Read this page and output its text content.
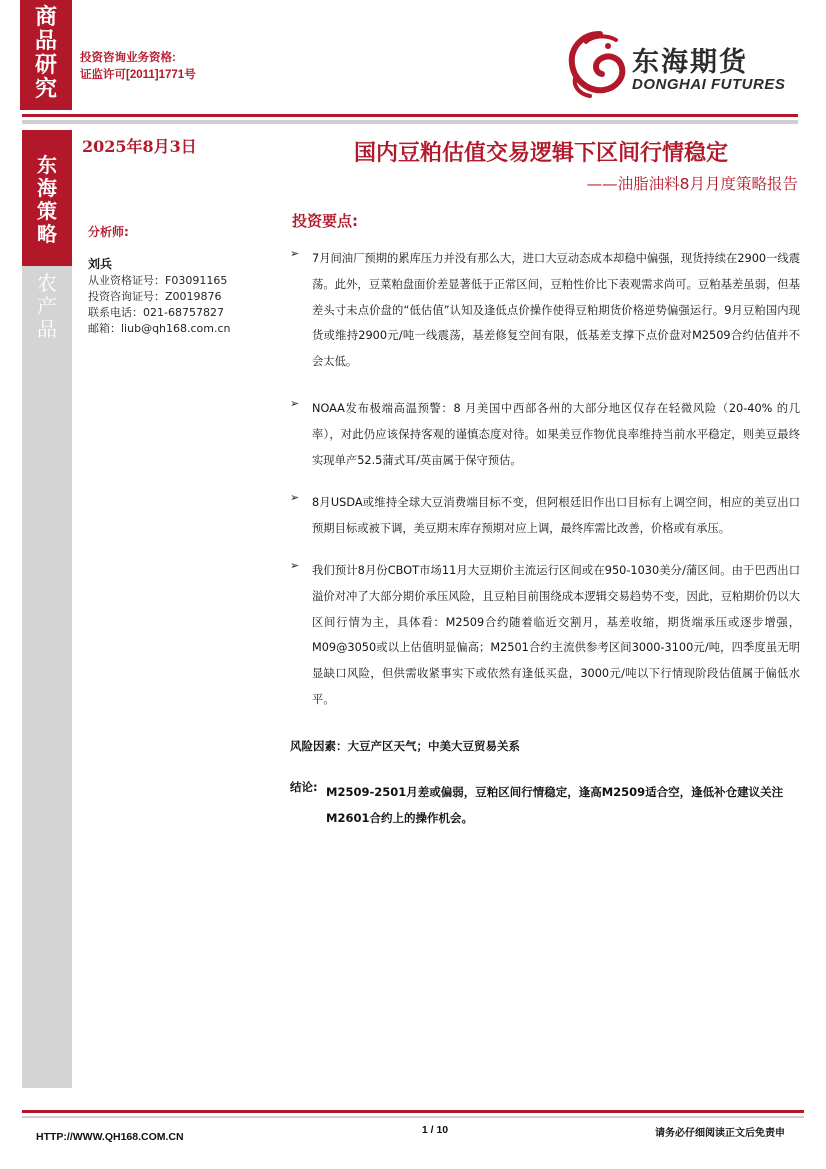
商
品
研
究
投资咨询业务资格:
证监许可[2011]1771号	东海期货
DONGHAI FUTURES
东
海
策
略
农
产
品
2025年8月3日
分析师:
刘兵
从业资格证号：F03091165
投资咨询证号：Z0019876
联系电话：021-68757827
邮箱：liub@qh168.com.cn
国内豆粕估值交易逻辑下区间行情稳定
——油脂油料8月月度策略报告
投资要点:
➢ 7月间油厂预期的累库压力并没有那么大，进口大豆动态成本却稳中偏强，现货持续在2900一线震荡。此外，豆菜粕盘面价差显著低于正常区间，豆粕性价比下表观需求尚可。豆粕基差虽弱，但基差头寸未点价盘的“低估值”认知及逢低点价操作使得豆粕期货价格逆势偏强运行。9月豆粕国内现货或维持2900元/吨一线震荡，基差修复空间有限，低基差支撑下点价盘对M2509合约估值并不会太低。
➢ NOAA发布极端高温预警：8 月美国中西部各州的大部分地区仅存在轻微风险（20-40% 的几率），对此仍应该保持客观的谨慎态度对待。如果美豆作物优良率维持当前水平稳定，则美豆最终实现单产52.5蒲式耳/英亩属于保守预估。
➢ 8月USDA或维持全球大豆消费端目标不变，但阿根廷旧作出口目标有上调空间，相应的美豆出口预期目标或被下调，美豆期末库存预期对应上调，最终库需比改善，价格或有承压。
➢ 我们预计8月份CBOT市场11月大豆期价主流运行区间或在950-1030美分/蒲区间。由于巴西出口溢价对冲了大部分期价承压风险，且豆粕目前围绕成本逻辑交易趋势不变，因此，豆粕期价仍以大区间行情为主，具体看：M2509合约随着临近交割月，基差收缩，期货端承压或逐步增强，M09@3050或以上估值明显偏高；M2501合约主流供参考区间3000-3100元/吨，四季度虽无明显缺口风险，但供需收紧事实下或依然有逢低买盘，3000元/吨以下行情现阶段估值属于偏低水平。
风险因素：大豆产区天气；中美大豆贸易关系
结论: M2509-2501月差或偏弱，豆粕区间行情稳定，逢高M2509适合空，逢低补仓建议关注M2601合约上的操作机会。
HTTP://WWW.QH168.COM.CN
1 / 10	请务必仔细阅读正文后免责申
